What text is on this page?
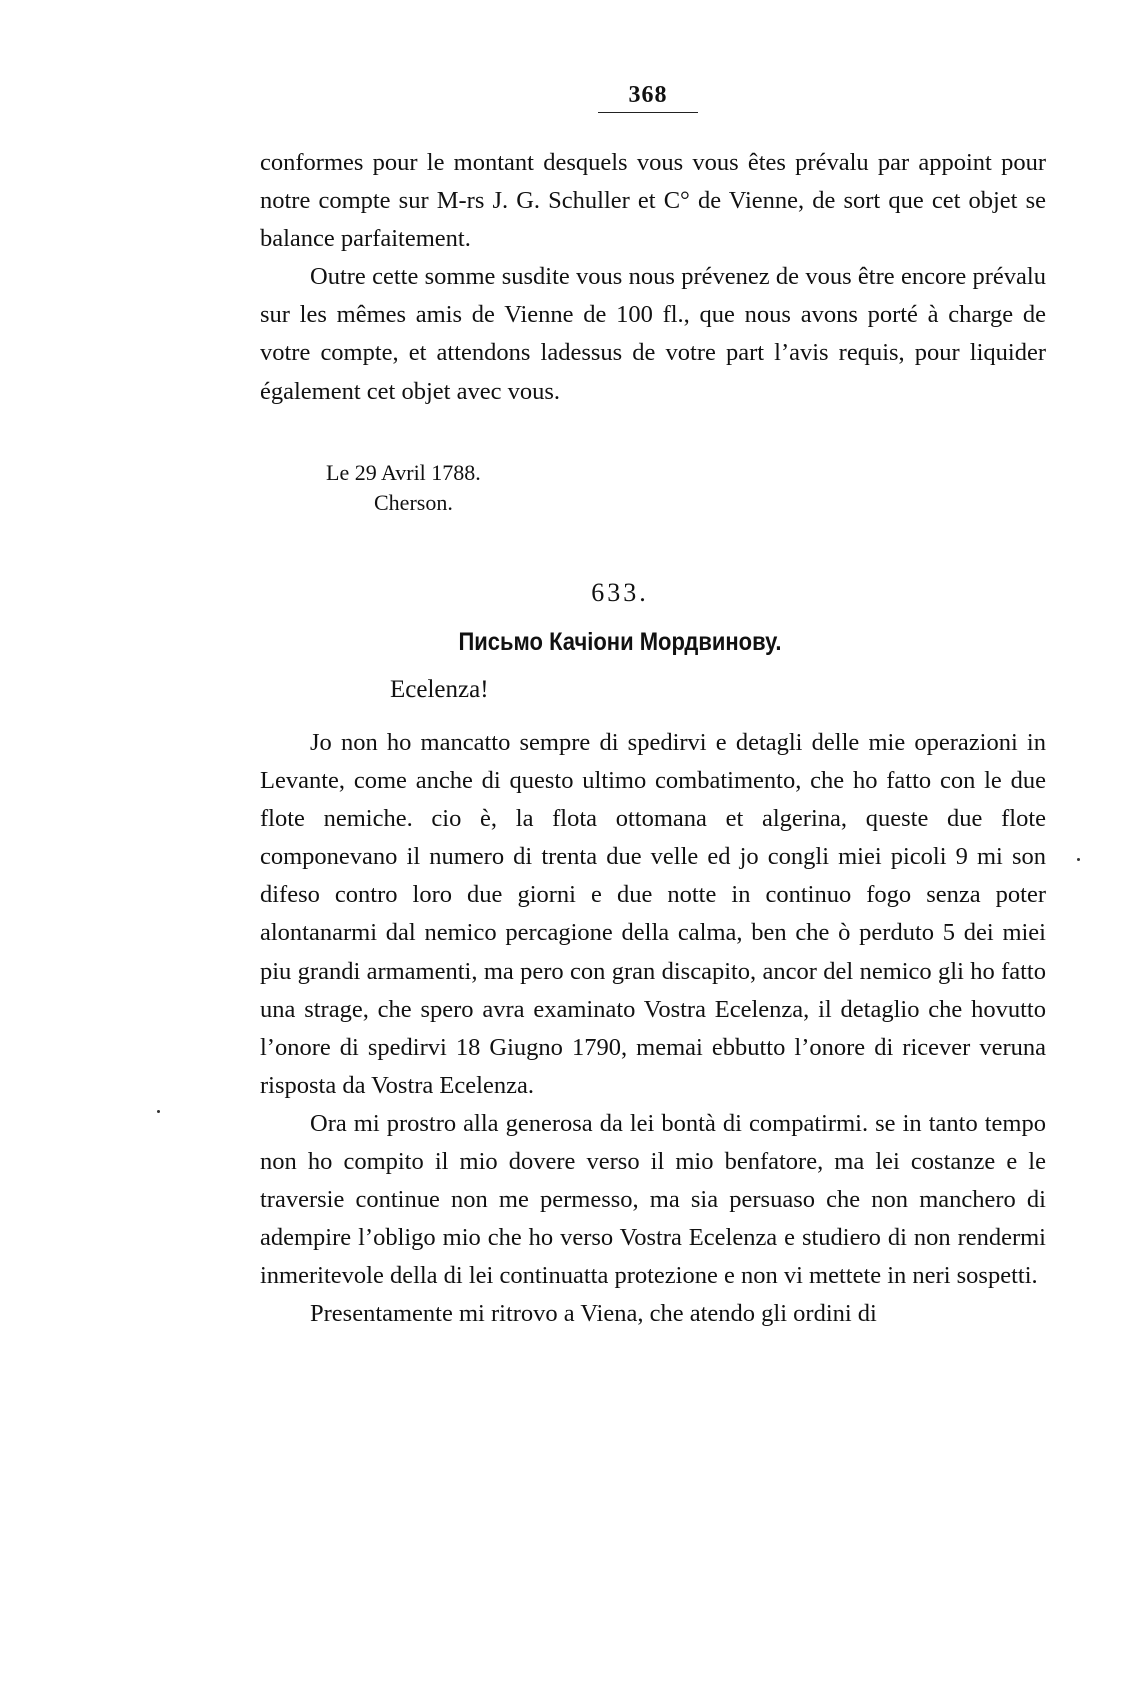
368

conformes pour le montant desquels vous vous êtes prévalu par appoint pour notre compte sur M-rs J. G. Schuller et C° de Vienne, de sort que cet objet se balance parfaitement.

Outre cette somme susdite vous nous prévenez de vous être encore prévalu sur les mêmes amis de Vienne de 100 fl., que nous avons porté à charge de votre compte, et attendons ladessus de votre part l’avis requis, pour liquider également cet objet avec vous.

Le 29 Avril 1788.
Cherson.
633.
Письмо Качіони Мордвинову.
Ecelenza!

Jo non ho mancatto sempre di spedirvi e detagli delle mie operazioni in Levante, come anche di questo ultimo combatimento, che ho fatto con le due flote nemiche. cio è, la flota ottomana et algerina, queste due flote componevano il numero di trenta due velle ed jo congli miei picoli 9 mi son difeso contro loro due giorni e due notte in continuo fogo senza poter alontanarmi dal nemico percagione della calma, ben che ò perduto 5 dei miei piu grandi armamenti, ma pero con gran discapito, ancor del nemico gli ho fatto una strage, che spero avra examinato Vostra Ecelenza, il detaglio che hovutto l’onore di spedirvi 18 Giugno 1790, memai ebbutto l’onore di ricever veruna risposta da Vostra Ecelenza.

Ora mi prostro alla generosa da lei bontà di compatirmi. se in tanto tempo non ho compito il mio dovere verso il mio benfatore, ma lei costanze e le traversie continue non me permesso, ma sia persuaso che non manchero di adempire l’obligo mio che ho verso Vostra Ecelenza e studiero di non rendermi inmeritevole della di lei continuatta protezione e non vi mettete in neri sospetti.

Presentamente mi ritrovo a Viena, che atendo gli ordini di
